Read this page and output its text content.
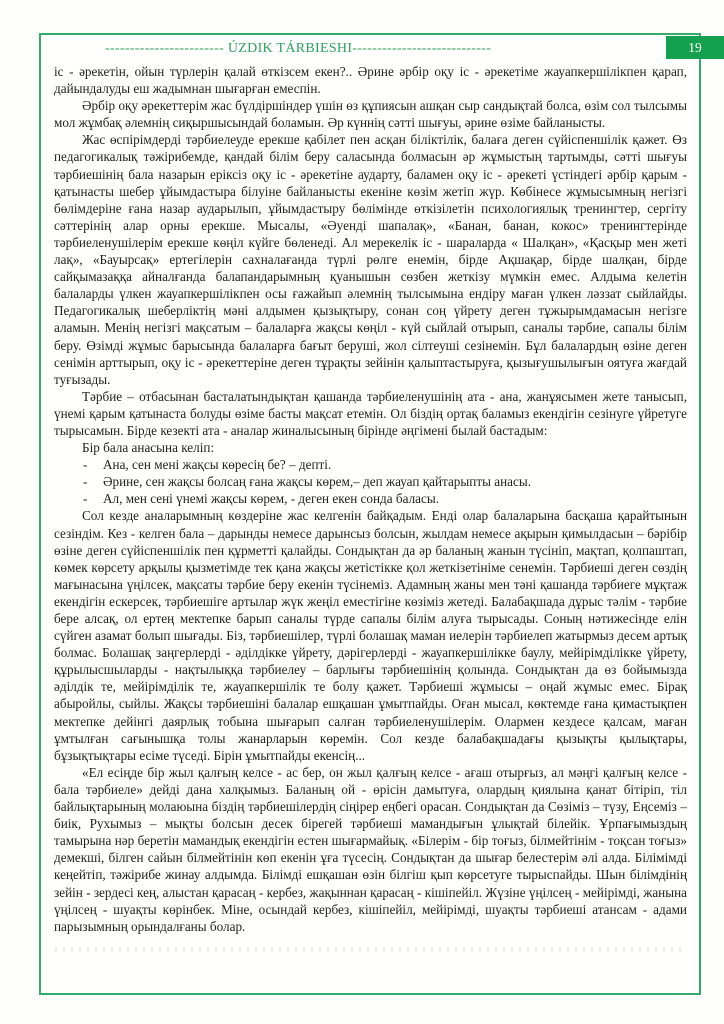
------------------------ ÚZDIK TÁRBIESHI----------------------------

іс - әрекетін, ойын түрлерін қалай өткізсем екен?.. Әрине әрбір оқу іс - әрекетіме жауапкершілікпен қарап, дайындалуды еш жадымнан шығарған емеспін.

Әрбір оқу әрекеттерім жас бүлдіршіндер үшін өз құпиясын ашқан сыр сандықтай болса, өзім сол тылсымы мол жұмбақ әлемнің сиқыршысындай боламын. Әр күннің сәтті шығуы, әрине өзіме байланысты.

Жас өспірімдерді тәрбиелеуде ерекше қабілет пен асқан біліктілік, балаға деген сүйіспеншілік қажет. Өз педагогикалық тәжірибемде, қандай білім беру саласында болмасын әр жұмыстың тартымды, сәтті шығуы тәрбиешінің бала назарын еріксіз оқу іс - әрекетіне аударту, баламен оқу іс - әрекеті үстіндегі әрбір қарым - қатынасты шебер ұйымдастыра білуіне байланысты екеніне көзім жетіп жүр. Көбінесе жұмысымның негізгі бөлімдеріне ғана назар аударылып, ұйымдастыру бөлімінде өткізілетін психологиялық тренингтер, сергіту сәттерінің алар орны ерекше. Мысалы, «Әуенді шапалақ», «Банан, банан, кокос» тренингтерінде тәрбиеленушілерім ерекше көңіл күйге бөленеді. Ал мерекелік іс - шараларда « Шалқан», «Қасқыр мен жеті лақ», «Бауырсақ» ертегілерін сахналағанда түрлі рөлге енемін, бірде Ақшақар, бірде шалқан, бірде сайқымазаққа айналғанда балапандарымның қуанышын сөзбен жеткізу мүмкін емес. Алдыма келетін балаларды үлкен жауапкершілікпен осы ғажайып әлемнің тылсымына ендіру маған үлкен ләззат сыйлайды. Педагогикалық шеберліктің мәні алдымен қызықтыру, сонан соң үйрету деген тұжырымдамасын негізге аламын. Менің негізгі мақсатым – балаларға жақсы көңіл - күй сыйлай отырып, саналы тәрбие, сапалы білім беру. Өзімді жұмыс барысында балаларға бағыт беруші, жол сілтеуші сезінемін. Бұл балалардың өзіне деген сенімін арттырып, оқу іс - әрекеттеріне деген тұрақты зейінін қалыптастыруға, қызығушылығын оятуға жағдай туғызады.

Тәрбие – отбасынан басталатындықтан қашанда тәрбиеленушінің ата - ана, жанұясымен жете танысып, үнемі қарым қатынаста болуды өзіме басты мақсат етемін. Ол біздің ортақ баламыз екендігін сезінуге үйретуге тырысамын. Бірде кезекті ата - аналар жиналысының бірінде әңгімені былай бастадым:

Бір бала анасына келіп:

-	Ана, сен мені жақсы көресің бе? – депті.
-	Әрине, сен жақсы болсаң ғана жақсы көрем,– деп жауап қайтарыпты анасы.
-	Ал, мен сені үнемі жақсы көрем, - деген екен сонда баласы.

Сол кезде аналарымның көздеріне жас келгенін байқадым. Енді олар балаларына басқаша қарайтынын сезіндім. Кез - келген бала – дарынды немесе дарынсыз болсын, жылдам немесе ақырын қимылдасын – бәрібір өзіне деген сүйіспеншілік пен құрметті қалайды. Сондықтан да әр баланың жанын түсініп, мақтап, қолпаштап, көмек көрсету арқылы қызметімде тек қана жақсы жетістікке қол жеткізетініме сенемін. Тәрбиеші деген сөздің мағынасына үңілсек, мақсаты тәрбие беру екенін түсінеміз. Адамның жаны мен тәні қашанда тәрбиеге мұқтаж екендігін ескерсек, тәрбиешіге артылар жүк жеңіл еместігіне көзіміз жетеді. Балабақшада дұрыс тәлім - тәрбие бере алсақ, ол ертең мектепке барып саналы түрде сапалы білім алуға тырысады. Соның нәтижесінде елін сүйген азамат болып шығады. Біз, тәрбиешілер, түрлі болашақ маман иелерін тәрбиелеп жатырмыз десем артық болмас. Болашақ заңгерлерді - әділдікке үйрету, дәрігерлерді - жауапкершілікке баулу, мейірімділікке үйрету, құрылысшыларды - нақтылыққа тәрбиелеу – барлығы тәрбиешінің қолында. Сондықтан да өз бойымызда әділдік те, мейірімділік те, жауапкершілік те болу қажет. Тәрбиеші жұмысы – оңай жұмыс емес. Бірақ абыройлы, сыйлы. Жақсы тәрбиешіні балалар ешқашан ұмытпайды. Оған мысал, көктемде ғана қимастықпен мектепке дейінгі даярлық тобына шығарып салған тәрбиеленушілерім. Олармен кездесе қалсам, маған ұмтылған сағынышқа толы жанарларын көремін. Сол кезде балабақшадағы қызықты қылықтары, бұзықтықтары есіме түседі. Бірін ұмытпайды екенсің...

«Ел есіңде бір жыл қалғың келсе - ас бер, он жыл қалғың келсе - ағаш отырғыз, ал мәңгі қалғың келсе - бала тәрбиеле» дейді дана халқымыз. Баланың ой - өрісін дамытуға, олардың қиялына қанат бітіріп, тіл байлықтарының молаюына біздің тәрбиешілердің сіңірер еңбегі орасан. Сондықтан да Сөзіміз – түзу, Еңсеміз – биік, Рухымыз – мықты болсын десек бірегей тәрбиеші мамандығын ұлықтай білейік. Ұрпағымыздың тамырына нәр беретін мамандық екендігін естен шығармайық. «Білерім - бір тоғыз, білмейтінім - тоқсан тоғыз» демекші, білген сайын білмейтінін көп екенін ұға түсесің. Сондықтан да шығар белестерім әлі алда. Білімімді кеңейтіп, тәжірибе жинау алдымда. Білімді ешқашан өзін білгіш қып көрсетуге тырыспайды. Шын білімдінің зейін - зердесі кең, алыстан қарасаң - кербез, жақыннан қарасаң - кішіпейіл. Жүзіне үңілсең - мейірімді, жанына үңілсең - шуақты көрінбек. Міне, осындай кербез, кішіпейіл, мейірімді, шуақты тәрбиеші атансам - адами парызымның орындалғаны болар.

19
